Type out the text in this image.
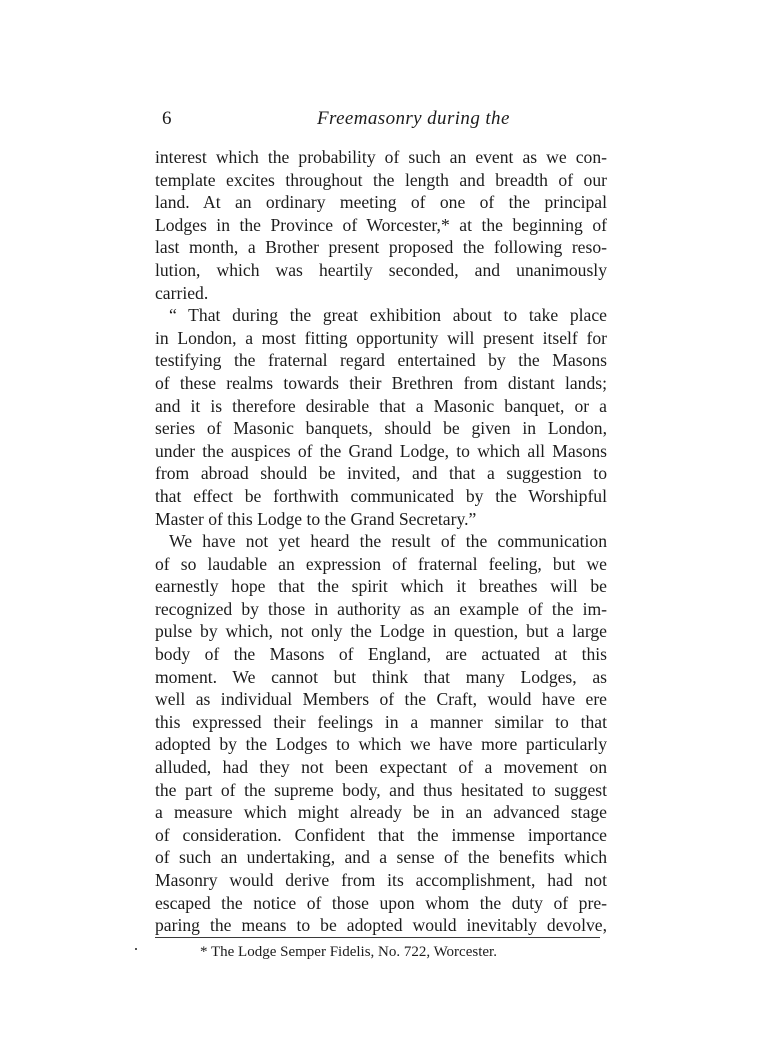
6	Freemasonry during the
interest which the probability of such an event as we con-
template excites throughout the length and breadth of our
land. At an ordinary meeting of one of the principal
Lodges in the Province of Worcester,* at the beginning of
last month, a Brother present proposed the following reso-
lution, which was heartily seconded, and unanimously
carried.
“ That during the great exhibition about to take place
in London, a most fitting opportunity will present itself for
testifying the fraternal regard entertained by the Masons
of these realms towards their Brethren from distant lands;
and it is therefore desirable that a Masonic banquet, or a
series of Masonic banquets, should be given in London,
under the auspices of the Grand Lodge, to which all Masons
from abroad should be invited, and that a suggestion to
that effect be forthwith communicated by the Worshipful
Master of this Lodge to the Grand Secretary.”
We have not yet heard the result of the communication
of so laudable an expression of fraternal feeling, but we
earnestly hope that the spirit which it breathes will be
recognized by those in authority as an example of the im-
pulse by which, not only the Lodge in question, but a large
body of the Masons of England, are actuated at this
moment. We cannot but think that many Lodges, as
well as individual Members of the Craft, would have ere
this expressed their feelings in a manner similar to that
adopted by the Lodges to which we have more particularly
alluded, had they not been expectant of a movement on
the part of the supreme body, and thus hesitated to suggest
a measure which might already be in an advanced stage
of consideration. Confident that the immense importance
of such an undertaking, and a sense of the benefits which
Masonry would derive from its accomplishment, had not
escaped the notice of those upon whom the duty of pre-
paring the means to be adopted would inevitably devolve,
* The Lodge Semper Fidelis, No. 722, Worcester.
